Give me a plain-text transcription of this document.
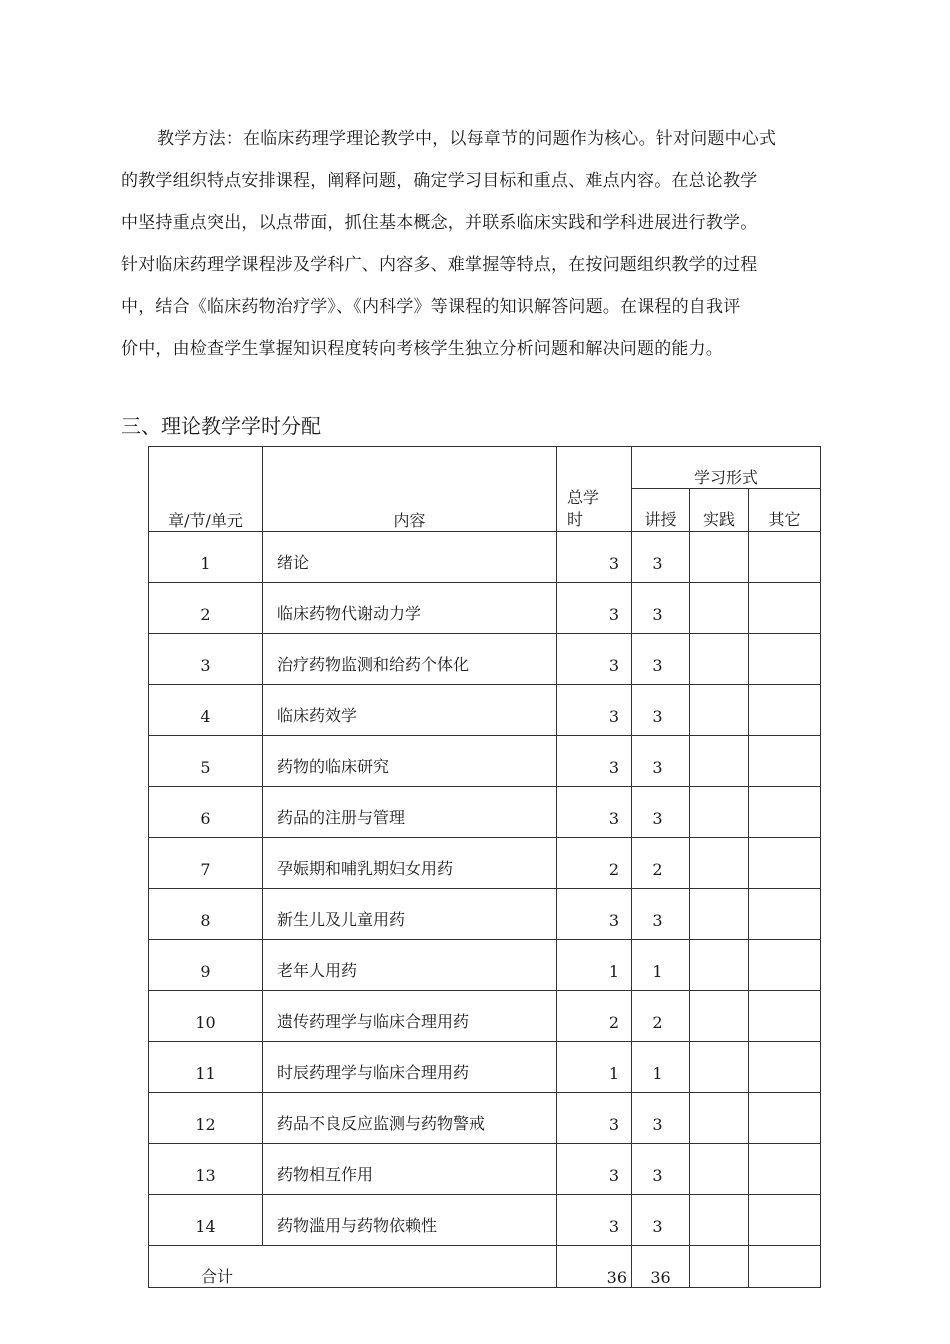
教学方法：在临床药理学理论教学中，以每章节的问题作为核心。针对问题中心式
的教学组织特点安排课程，阐释问题，确定学习目标和重点、难点内容。在总论教学
中坚持重点突出，以点带面，抓住基本概念，并联系临床实践和学科进展进行教学。
针对临床药理学课程涉及学科广、内容多、难掌握等特点，在按问题组织教学的过程
中，结合《临床药物治疗学》、《内科学》等课程的知识解答问题。在课程的自我评
价中，由检查学生掌握知识程度转向考核学生独立分析问题和解决问题的能力。
三、理论教学学时分配
章/节/单元	内容	总学时	学习形式		
			讲授	实践	其它
1	绪论	3	3		
2	临床药物代谢动力学	3	3		
3	治疗药物监测和给药个体化	3	3		
4	临床药效学	3	3		
5	药物的临床研究	3	3		
6	药品的注册与管理	3	3		
7	孕娠期和哺乳期妇女用药	2	2		
8	新生儿及儿童用药	3	3		
9	老年人用药	1	1		
10	遗传药理学与临床合理用药	2	2		
11	时辰药理学与临床合理用药	1	1		
12	药品不良反应监测与药物警戒	3	3		
13	药物相互作用	3	3		
14	药物滥用与药物依赖性	3	3		
合计		36	36		
